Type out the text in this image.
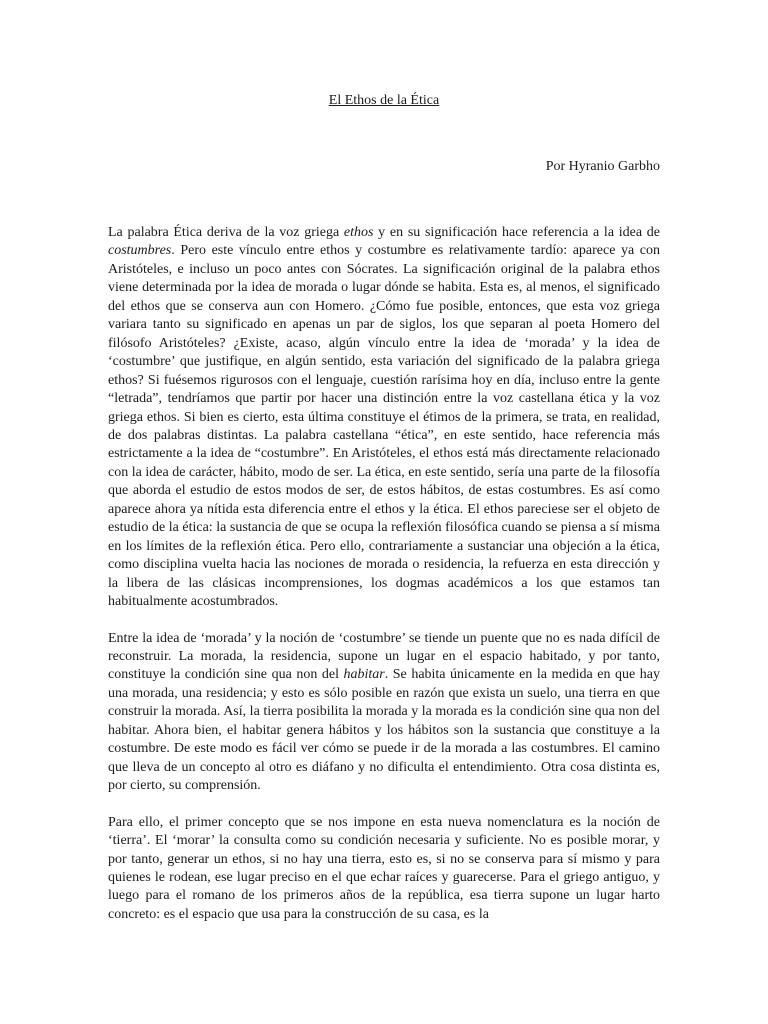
El Ethos de la Ética
Por Hyranio Garbho

La palabra Ética deriva de la voz griega ethos y en su significación hace referencia a la idea de costumbres. Pero este vínculo entre ethos y costumbre es relativamente tardío: aparece ya con Aristóteles, e incluso un poco antes con Sócrates. La significación original de la palabra ethos viene determinada por la idea de morada o lugar dónde se habita. Esta es, al menos, el significado del ethos que se conserva aun con Homero. ¿Cómo fue posible, entonces, que esta voz griega variara tanto su significado en apenas un par de siglos, los que separan al poeta Homero del filósofo Aristóteles? ¿Existe, acaso, algún vínculo entre la idea de ‘morada’ y la idea de ‘costumbre’ que justifique, en algún sentido, esta variación del significado de la palabra griega ethos? Si fuésemos rigurosos con el lenguaje, cuestión rarísima hoy en día, incluso entre la gente “letrada”, tendríamos que partir por hacer una distinción entre la voz castellana ética y la voz griega ethos. Si bien es cierto, esta última constituye el étimos de la primera, se trata, en realidad, de dos palabras distintas. La palabra castellana “ética”, en este sentido, hace referencia más estrictamente a la idea de “costumbre”. En Aristóteles, el ethos está más directamente relacionado con la idea de carácter, hábito, modo de ser. La ética, en este sentido, sería una parte de la filosofía que aborda el estudio de estos modos de ser, de estos hábitos, de estas costumbres. Es así como aparece ahora ya nítida esta diferencia entre el ethos y la ética. El ethos pareciese ser el objeto de estudio de la ética: la sustancia de que se ocupa la reflexión filosófica cuando se piensa a sí misma en los límites de la reflexión ética. Pero ello, contrariamente a sustanciar una objeción a la ética, como disciplina vuelta hacia las nociones de morada o residencia, la refuerza en esta dirección y la libera de las clásicas incomprensiones, los dogmas académicos a los que estamos tan habitualmente acostumbrados.

Entre la idea de ‘morada’ y la noción de ‘costumbre’ se tiende un puente que no es nada difícil de reconstruir. La morada, la residencia, supone un lugar en el espacio habitado, y por tanto, constituye la condición sine qua non del habitar. Se habita únicamente en la medida en que hay una morada, una residencia; y esto es sólo posible en razón que exista un suelo, una tierra en que construir la morada. Así, la tierra posibilita la morada y la morada es la condición sine qua non del habitar. Ahora bien, el habitar genera hábitos y los hábitos son la sustancia que constituye a la costumbre. De este modo es fácil ver cómo se puede ir de la morada a las costumbres. El camino que lleva de un concepto al otro es diáfano y no dificulta el entendimiento. Otra cosa distinta es, por cierto, su comprensión.

Para ello, el primer concepto que se nos impone en esta nueva nomenclatura es la noción de ‘tierra’. El ‘morar’ la consulta como su condición necesaria y suficiente. No es posible morar, y por tanto, generar un ethos, si no hay una tierra, esto es, si no se conserva para sí mismo y para quienes le rodean, ese lugar preciso en el que echar raíces y guarecerse. Para el griego antiguo, y luego para el romano de los primeros años de la república, esa tierra supone un lugar harto concreto: es el espacio que usa para la construcción de su casa, es la
